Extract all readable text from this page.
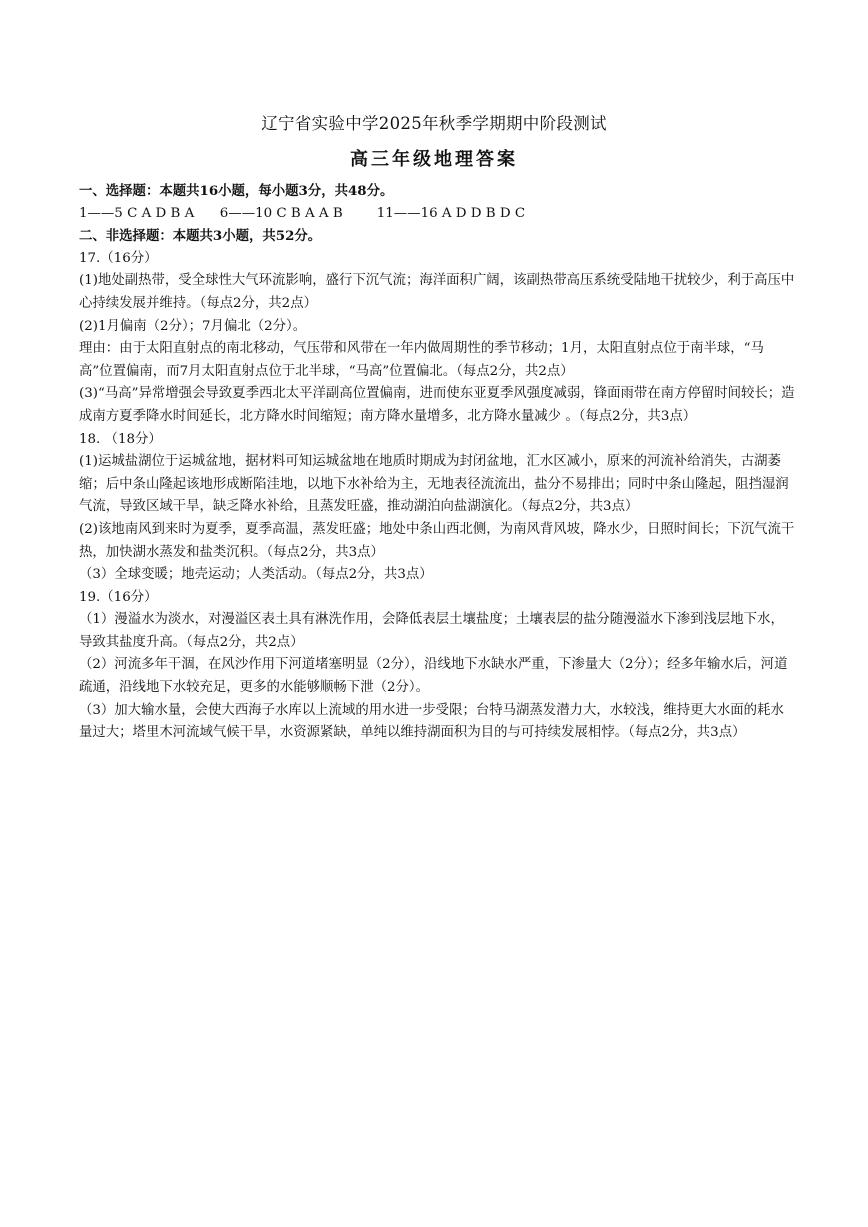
辽宁省实验中学2025年秋季学期期中阶段测试
高三年级地理答案

一、选择题：本题共16小题，每小题3分，共48分。

1——5 C A D B A      6——10 C B A A B        11——16 A D D B D C

二、非选择题：本题共3小题，共52分。

17.（16分）

(1)地处副热带，受全球性大气环流影响，盛行下沉气流；海洋面积广阔，该副热带高压系统受陆地干扰较少，利于高压中心持续发展并维持。（每点2分，共2点）

(2)1月偏南（2分）；7月偏北（2分）。

理由：由于太阳直射点的南北移动，气压带和风带在一年内做周期性的季节移动；1月，太阳直射点位于南半球，“马高”位置偏南，而7月太阳直射点位于北半球，“马高”位置偏北。（每点2分，共2点）

(3)“马高”异常增强会导致夏季西北太平洋副高位置偏南，进而使东亚夏季风强度减弱，锋面雨带在南方停留时间较长；造成南方夏季降水时间延长，北方降水时间缩短；南方降水量增多，北方降水量减少 。（每点2分，共3点）

18. （18分）

(1)运城盐湖位于运城盆地，据材料可知运城盆地在地质时期成为封闭盆地，汇水区减小，原来的河流补给消失，古湖萎缩；后中条山隆起该地形成断陷洼地，以地下水补给为主，无地表径流流出，盐分不易排出；同时中条山隆起，阻挡湿润气流，导致区域干旱，缺乏降水补给，且蒸发旺盛，推动湖泊向盐湖演化。（每点2分，共3点）

(2)该地南风到来时为夏季，夏季高温，蒸发旺盛；地处中条山西北侧，为南风背风坡，降水少，日照时间长；下沉气流干热，加快湖水蒸发和盐类沉积。（每点2分，共3点）

（3）全球变暖；地壳运动；人类活动。（每点2分，共3点）

19.（16分）

（1）漫溢水为淡水，对漫溢区表土具有淋洗作用，会降低表层土壤盐度；土壤表层的盐分随漫溢水下渗到浅层地下水，导致其盐度升高。（每点2分，共2点）

（2）河流多年干涸，在风沙作用下河道堵塞明显（2分），沿线地下水缺水严重，下渗量大（2分）；经多年输水后，河道疏通，沿线地下水较充足，更多的水能够顺畅下泄（2分）。

（3）加大输水量，会使大西海子水库以上流域的用水进一步受限；台特马湖蒸发潜力大，水较浅，维持更大水面的耗水量过大；塔里木河流域气候干旱，水资源紧缺，单纯以维持湖面积为目的与可持续发展相悖。（每点2分，共3点）
